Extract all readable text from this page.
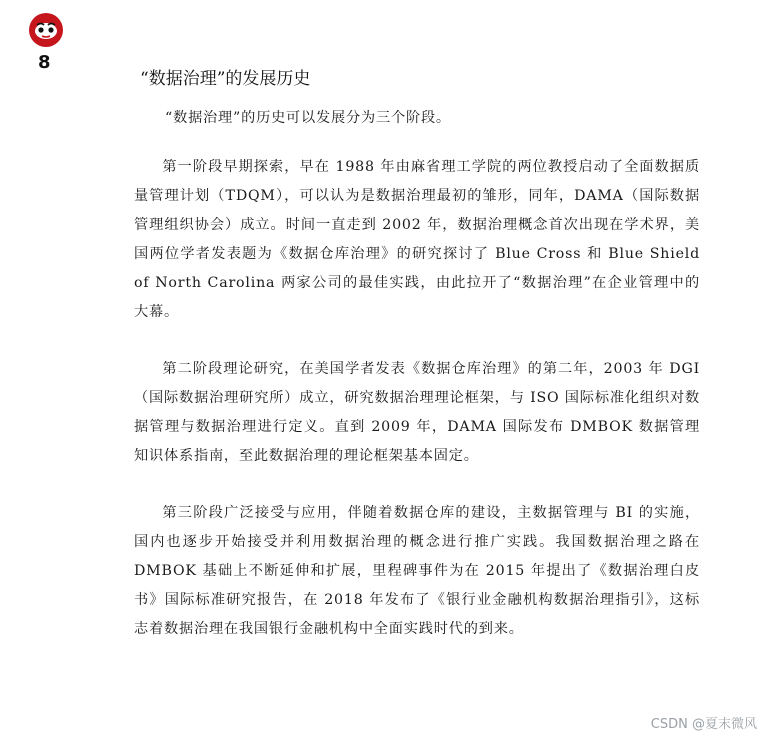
8
“数据治理”的发展历史

“数据治理”的历史可以发展分为三个阶段。

第一阶段早期探索，早在 1988 年由麻省理工学院的两位教授启动了全面数据质量管理计划（TDQM），可以认为是数据治理最初的雏形，同年，DAMA（国际数据管理组织协会）成立。时间一直走到 2002 年，数据治理概念首次出现在学术界，美国两位学者发表题为《数据仓库治理》的研究探讨了 Blue Cross 和 Blue Shield of North Carolina 两家公司的最佳实践，由此拉开了“数据治理”在企业管理中的大幕。

第二阶段理论研究，在美国学者发表《数据仓库治理》的第二年，2003 年 DGI（国际数据治理研究所）成立，研究数据治理理论框架，与 ISO 国际标准化组织对数据管理与数据治理进行定义。直到 2009 年，DAMA 国际发布 DMBOK 数据管理知识体系指南，至此数据治理的理论框架基本固定。

第三阶段广泛接受与应用，伴随着数据仓库的建设，主数据管理与 BI 的实施，国内也逐步开始接受并利用数据治理的概念进行推广实践。我国数据治理之路在 DMBOK 基础上不断延伸和扩展，里程碑事件为在 2015 年提出了《数据治理白皮书》国际标准研究报告，在 2018 年发布了《银行业金融机构数据治理指引》，这标志着数据治理在我国银行金融机构中全面实践时代的到来。

CSDN @夏末微风
